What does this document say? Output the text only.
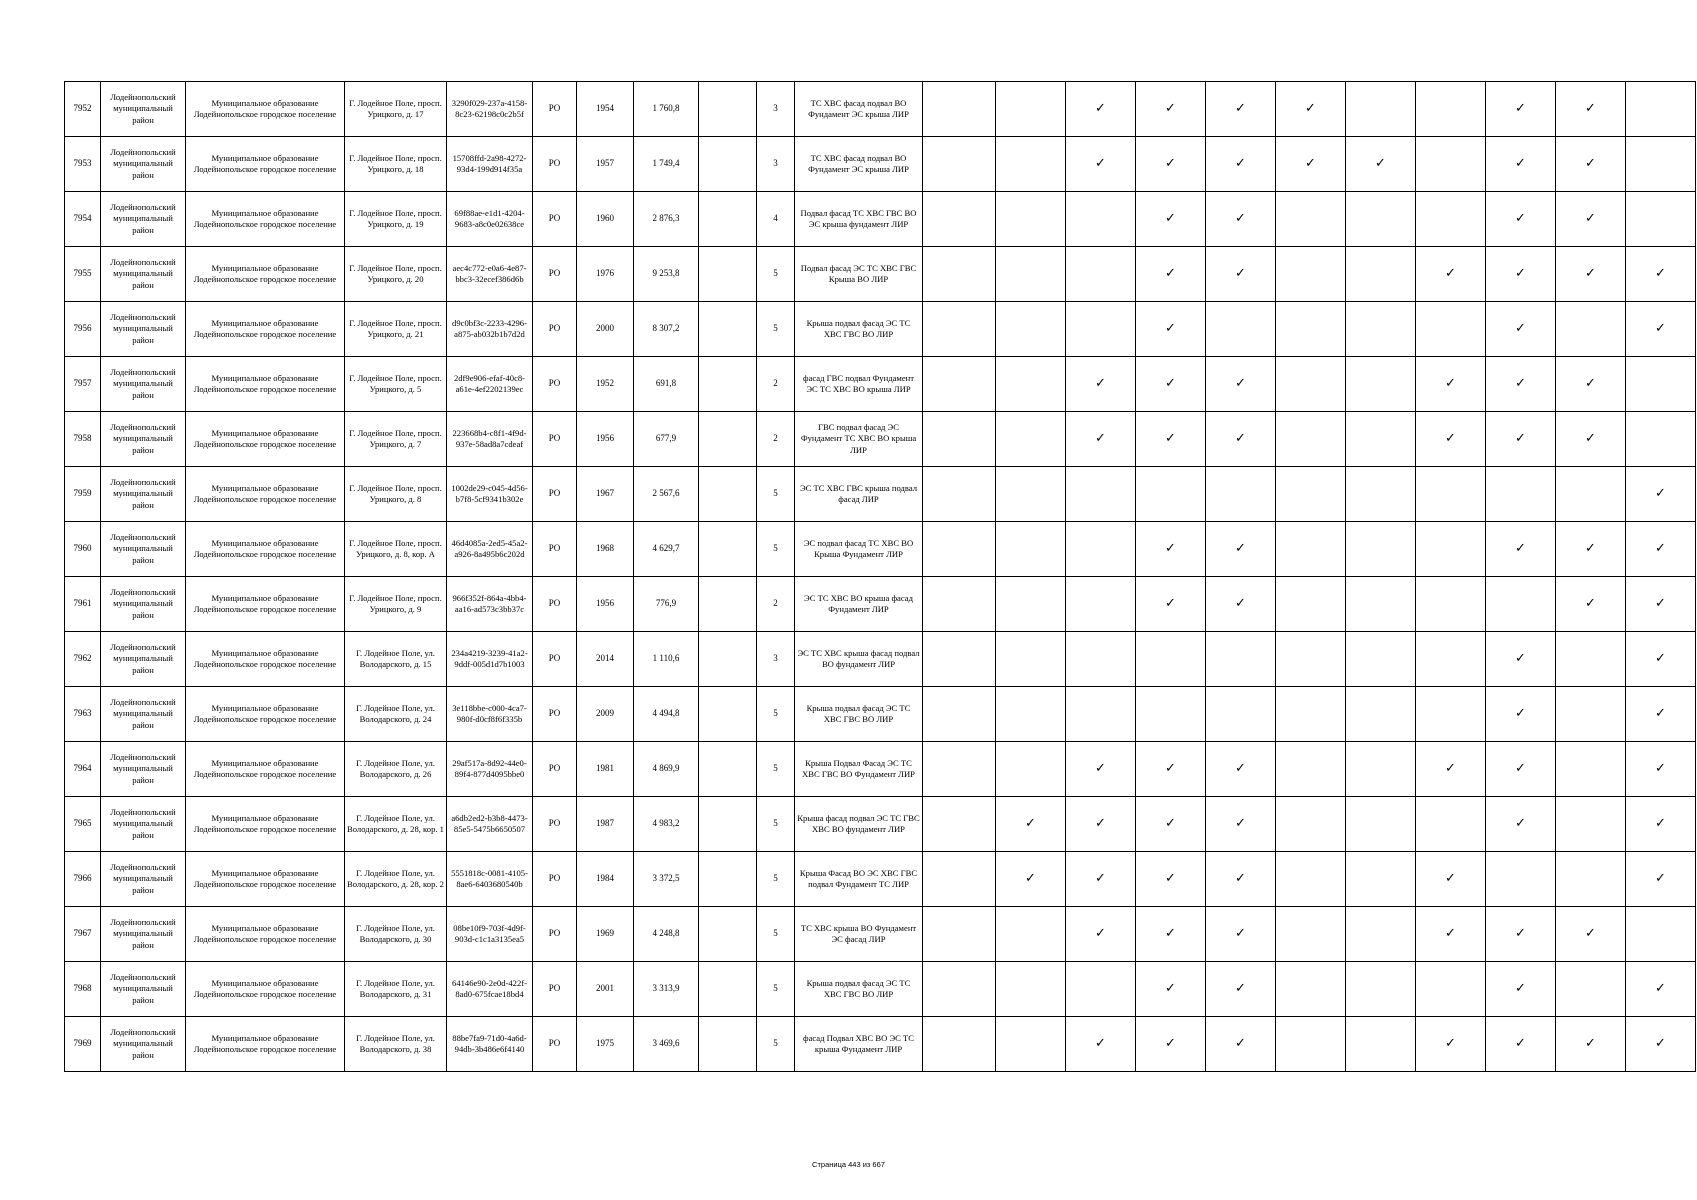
7952	Лодейнопольский муниципальный район	Муниципальное образование Лодейнопольское городское поселение	Г. Лодейное Поле, просп. Урицкого, д. 17	3290f029-237a-4158-8c23-62198c0c2b5f	РО	1954	1 760,8		3	ТС ХВС фасад подвал ВО Фундамент ЭС крыша ЛИР			✓	✓	✓	✓			✓	✓	
7953	Лодейнопольский муниципальный район	Муниципальное образование Лодейнопольское городское поселение	Г. Лодейное Поле, просп. Урицкого, д. 18	15708ffd-2a98-4272-93d4-199d914f35a	РО	1957	1 749,4		3	ТС ХВС фасад подвал ВО Фундамент ЭС крыша ЛИР			✓	✓	✓	✓	✓		✓	✓	
7954	Лодейнопольский муниципальный район	Муниципальное образование Лодейнопольское городское поселение	Г. Лодейное Поле, просп. Урицкого, д. 19	69f88ae-e1d1-4204-9683-a8c0e02638ce	РО	1960	2 876,3		4	Подвал фасад ТС ХВС ГВС ВО ЭС крыша фундамент ЛИР				✓	✓				✓	✓	
7955	Лодейнопольский муниципальный район	Муниципальное образование Лодейнопольское городское поселение	Г. Лодейное Поле, просп. Урицкого, д. 20	aec4c772-e0a6-4e87-bbc3-32ecef386d6b	РО	1976	9 253,8		5	Подвал фасад ЭС ТС ХВС ГВС Крыша ВО ЛИР				✓	✓			✓	✓	✓	✓
7956	Лодейнопольский муниципальный район	Муниципальное образование Лодейнопольское городское поселение	Г. Лодейное Поле, просп. Урицкого, д. 21	d9c0bf3c-2233-4296-a875-ab032b1b7d2d	РО	2000	8 307,2		5	Крыша подвал фасад ЭС ТС ХВС ГВС ВО ЛИР				✓					✓		✓
7957	Лодейнопольский муниципальный район	Муниципальное образование Лодейнопольское городское поселение	Г. Лодейное Поле, просп. Урицкого, д. 5	2df9e906-efaf-40c8-a61e-4ef2202139ec	РО	1952	691,8		2	фасад ГВС подвал Фундамент ЭС ТС ХВС ВО крыша ЛИР			✓	✓	✓			✓	✓	✓	
7958	Лодейнопольский муниципальный район	Муниципальное образование Лодейнопольское городское поселение	Г. Лодейное Поле, просп. Урицкого, д. 7	223668b4-c8f1-4f9d-937e-58ad8a7cdeaf	РО	1956	677,9		2	ГВС подвал фасад ЭС Фундамент ТС ХВС ВО крыша ЛИР			✓	✓	✓			✓	✓	✓	
7959	Лодейнопольский муниципальный район	Муниципальное образование Лодейнопольское городское поселение	Г. Лодейное Поле, просп. Урицкого, д. 8	1002de29-c045-4d56-b7f8-5cf9341b302e	РО	1967	2 567,6		5	ЭС ТС ХВС ГВС крыша подвал фасад ЛИР											✓
7960	Лодейнопольский муниципальный район	Муниципальное образование Лодейнопольское городское поселение	Г. Лодейное Поле, просп. Урицкого, д. 8, кор. А	46d4085a-2ed5-45a2-a926-8a495b6c202d	РО	1968	4 629,7		5	ЭС подвал фасад ТС ХВС ВО Крыша Фундамент ЛИР				✓	✓				✓	✓	✓
7961	Лодейнопольский муниципальный район	Муниципальное образование Лодейнопольское городское поселение	Г. Лодейное Поле, просп. Урицкого, д. 9	966f352f-864a-4bb4-aa16-ad573c3bb37c	РО	1956	776,9		2	ЭС ТС ХВС ВО крыша фасад Фундамент ЛИР				✓	✓					✓	✓
7962	Лодейнопольский муниципальный район	Муниципальное образование Лодейнопольское городское поселение	Г. Лодейное Поле, ул. Володарского, д. 15	234a4219-3239-41a2-9ddf-005d1d7b1003	РО	2014	1 110,6		3	ЭС ТС ХВС крыша фасад подвал ВО фундамент ЛИР									✓		✓
7963	Лодейнопольский муниципальный район	Муниципальное образование Лодейнопольское городское поселение	Г. Лодейное Поле, ул. Володарского, д. 24	3e118bbe-c000-4ca7-980f-d0cf8f6f335b	РО	2009	4 494,8		5	Крыша подвал фасад ЭС ТС ХВС ГВС ВО ЛИР									✓		✓
7964	Лодейнопольский муниципальный район	Муниципальное образование Лодейнопольское городское поселение	Г. Лодейное Поле, ул. Володарского, д. 26	29af517a-8d92-44e0-89f4-877d4095bbe0	РО	1981	4 869,9		5	Крыша Подвал Фасад ЭС ТС ХВС ГВС ВО Фундамент ЛИР			✓	✓	✓			✓	✓		✓
7965	Лодейнопольский муниципальный район	Муниципальное образование Лодейнопольское городское поселение	Г. Лодейное Поле, ул. Володарского, д. 28, кор. 1	a6db2ed2-b3b8-4473-85e5-5475b6650507	РО	1987	4 983,2		5	Крыша фасад подвал ЭС ТС ГВС ХВС ВО фундамент ЛИР		✓	✓	✓	✓				✓		✓
7966	Лодейнопольский муниципальный район	Муниципальное образование Лодейнопольское городское поселение	Г. Лодейное Поле, ул. Володарского, д. 28, кор. 2	5551818c-0081-4105-8ae6-6403680540b	РО	1984	3 372,5		5	Крыша Фасад ВО ЭС ХВС ГВС подвал Фундамент ТС ЛИР		✓	✓	✓	✓			✓			✓
7967	Лодейнопольский муниципальный район	Муниципальное образование Лодейнопольское городское поселение	Г. Лодейное Поле, ул. Володарского, д. 30	08be10f9-703f-4d9f-903d-c1c1a3135ea5	РО	1969	4 248,8		5	ТС ХВС крыша ВО Фундамент ЭС фасад ЛИР			✓	✓	✓			✓	✓	✓	
7968	Лодейнопольский муниципальный район	Муниципальное образование Лодейнопольское городское поселение	Г. Лодейное Поле, ул. Володарского, д. 31	64146e90-2e0d-422f-8ad0-675fcae18bd4	РО	2001	3 313,9		5	Крыша подвал фасад ЭС ТС ХВС ГВС ВО ЛИР				✓	✓				✓		✓
7969	Лодейнопольский муниципальный район	Муниципальное образование Лодейнопольское городское поселение	Г. Лодейное Поле, ул. Володарского, д. 38	88be7fa9-71d0-4a6d-94db-3b486e6f4140	РО	1975	3 469,6		5	фасад Подвал ХВС ВО ЭС ТС крыша Фундамент ЛИР			✓	✓	✓			✓	✓	✓	✓
Страница 443 из 667
